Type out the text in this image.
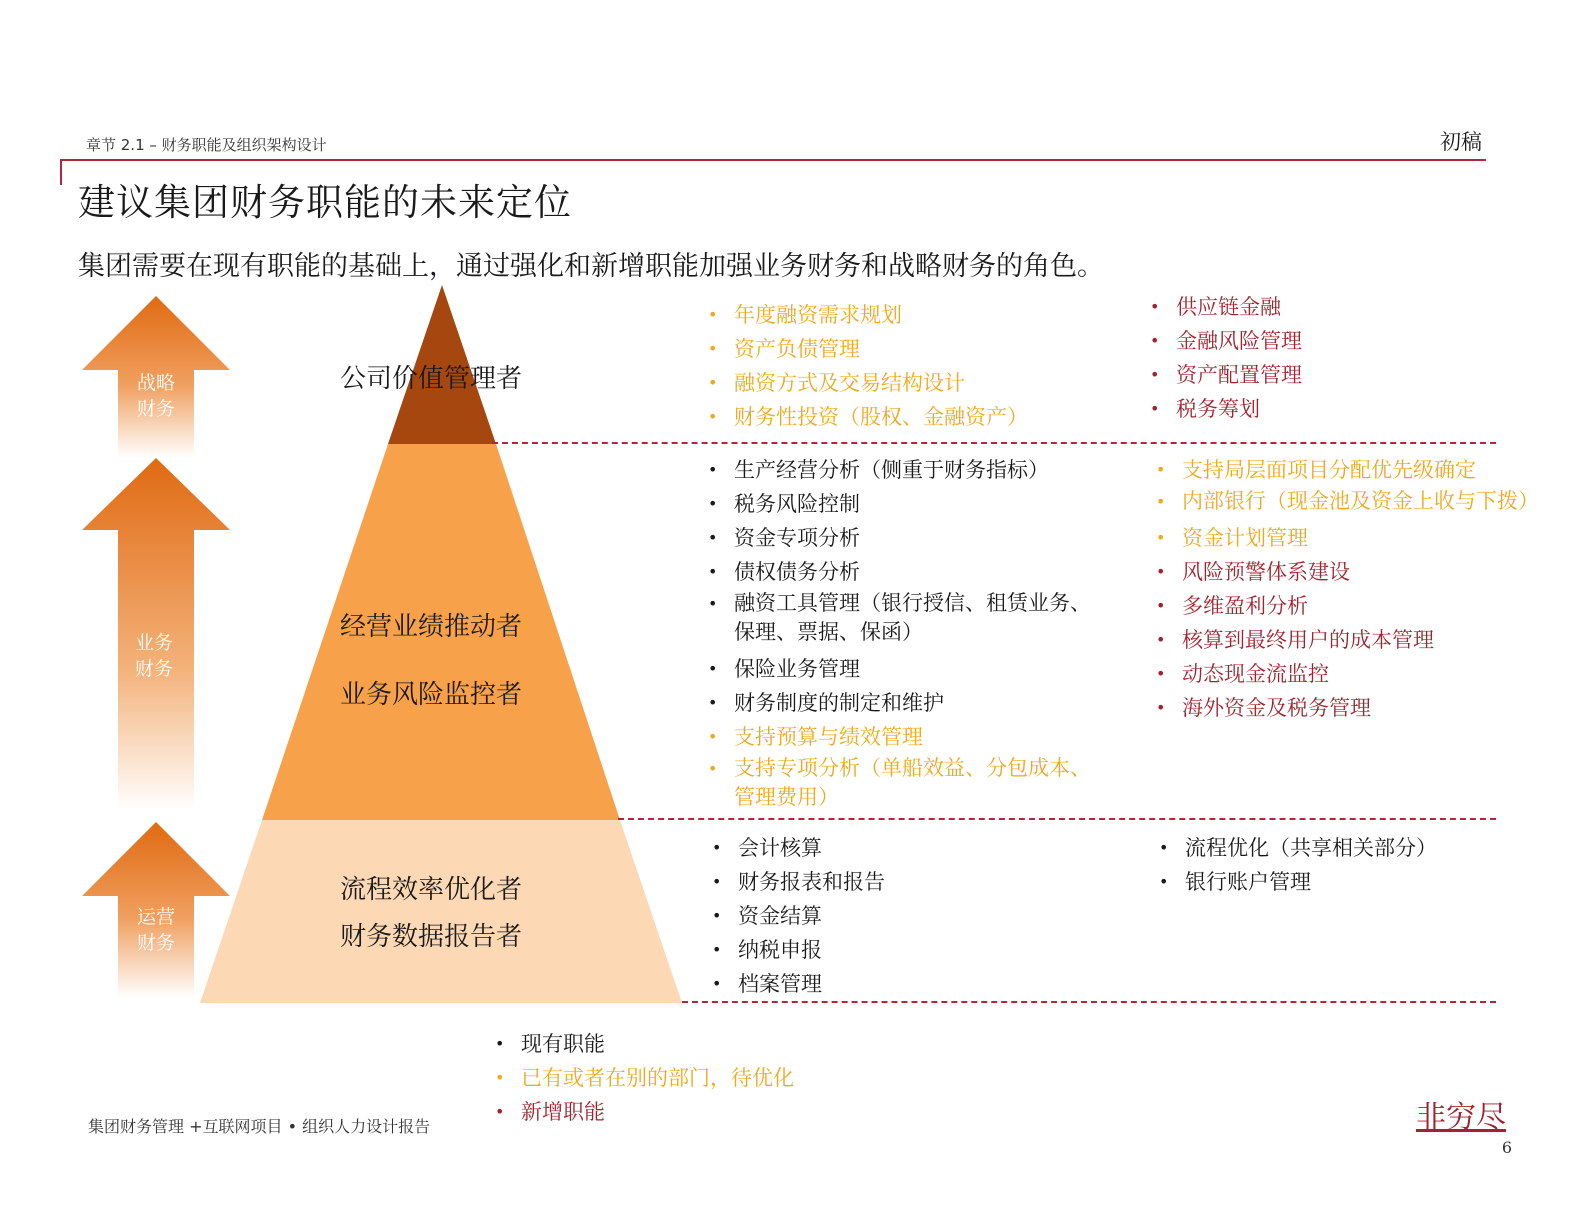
章节 2.1 – 财务职能及组织架构设计	初稿
建议集团财务职能的未来定位
集团需要在现有职能的基础上，通过强化和新增职能加强业务财务和战略财务的角色。
战略
财务
业务
财务
运营
财务
公司价值管理者
经营业绩推动者
业务风险监控者
流程效率优化者
财务数据报告者
• 年度融资需求规划
• 资产负债管理
• 融资方式及交易结构设计
• 财务性投资（股权、金融资产）
• 供应链金融
• 金融风险管理
• 资产配置管理
• 税务筹划
• 生产经营分析（侧重于财务指标）
• 税务风险控制
• 资金专项分析
• 债权债务分析
• 融资工具管理（银行授信、租赁业务、保理、票据、保函）
• 保险业务管理
• 财务制度的制定和维护
• 支持预算与绩效管理
• 支持专项分析（单船效益、分包成本、管理费用）
• 支持局层面项目分配优先级确定
• 内部银行（现金池及资金上收与下拨）
• 资金计划管理
• 风险预警体系建设
• 多维盈利分析
• 核算到最终用户的成本管理
• 动态现金流监控
• 海外资金及税务管理
• 会计核算
• 财务报表和报告
• 资金结算
• 纳税申报
• 档案管理
• 流程优化（共享相关部分）
• 银行账户管理
• 现有职能
• 已有或者在别的部门，待优化
• 新增职能
集团财务管理 +互联网项目 • 组织人力设计报告	非穷尽
6
